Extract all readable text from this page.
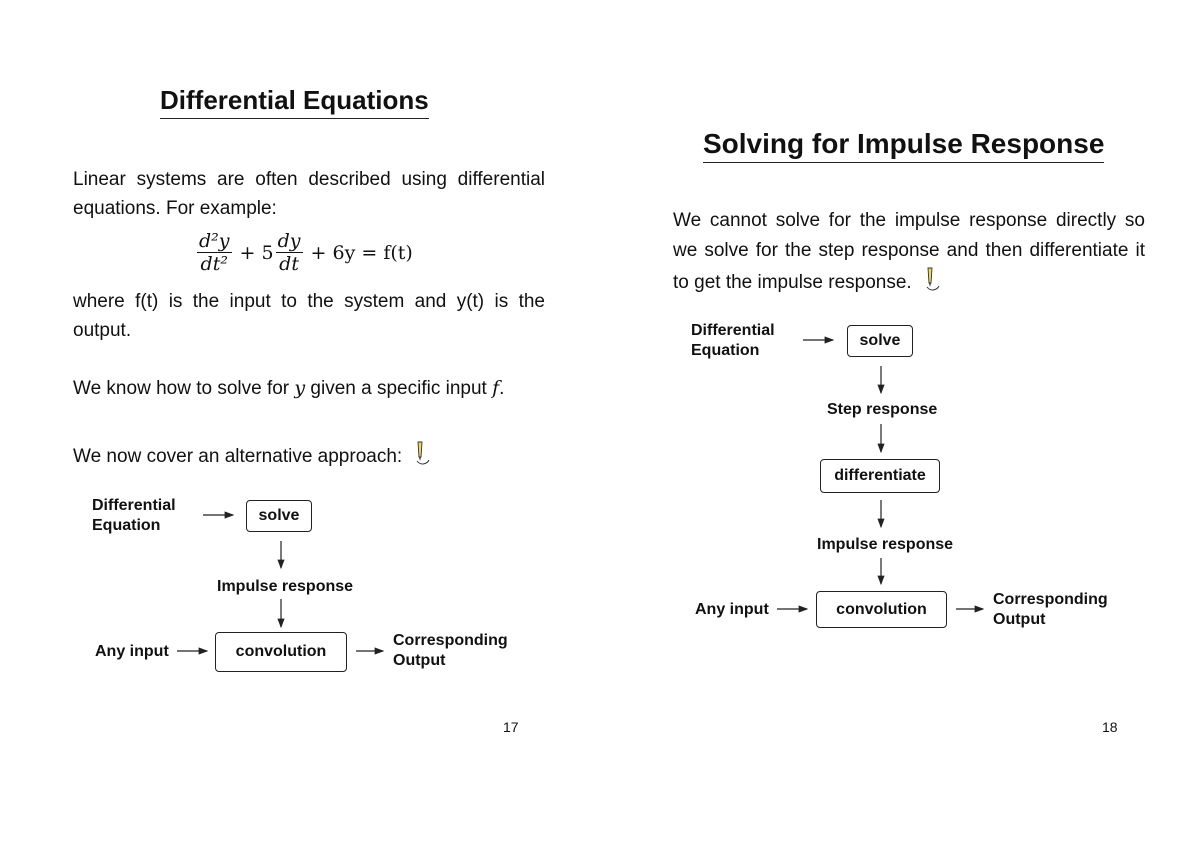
Differential Equations
Linear systems are often described using differential equations. For example:
$\frac{\text{d²y}}{\text{dt²}} + 5 \frac{dy}{dt} + 6y = f(t)$
where f(t) is the input to the system and y(t) is the output.
We know how to solve for y given a specific input f.
We now cover an alternative approach:
Differential
Equation
solve
Impulse response
Any input	convolution
Corresponding
Output
17
Solving for Impulse Response
We cannot solve for the impulse response directly so we solve for the step response and then differentiate it to get the impulse response.
Differential
Equation
solve
Step response
differentiate
Impulse response
Any input	convolution
Corresponding
Output
18
